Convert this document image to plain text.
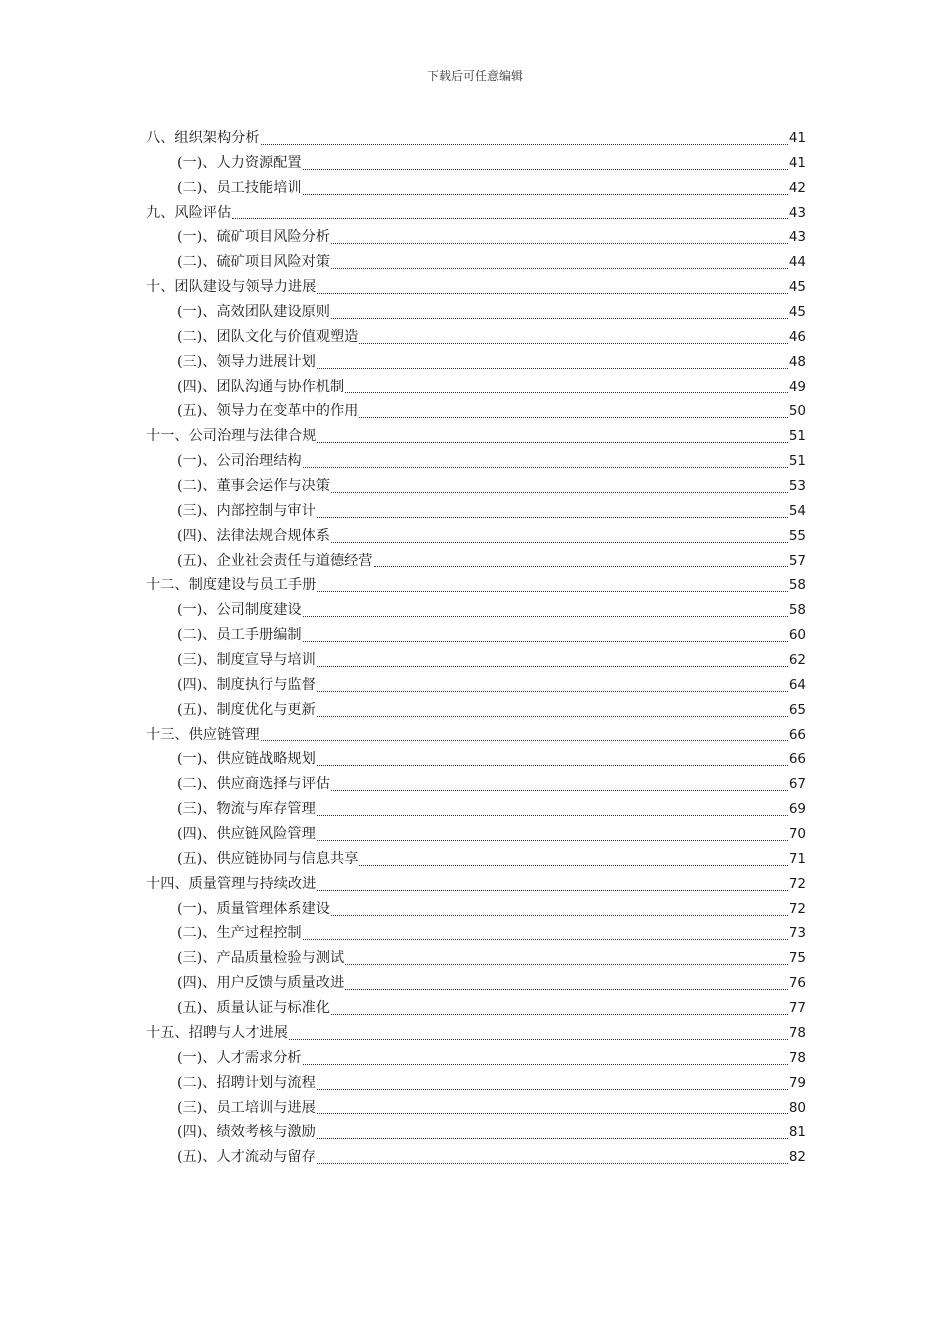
下载后可任意编辑
八、组织架构分析	41
(一)、人力资源配置	41
(二)、员工技能培训	42
九、风险评估	43
(一)、硫矿项目风险分析	43
(二)、硫矿项目风险对策	44
十、团队建设与领导力进展	45
(一)、高效团队建设原则	45
(二)、团队文化与价值观塑造	46
(三)、领导力进展计划	48
(四)、团队沟通与协作机制	49
(五)、领导力在变革中的作用	50
十一、公司治理与法律合规	51
(一)、公司治理结构	51
(二)、董事会运作与决策	53
(三)、内部控制与审计	54
(四)、法律法规合规体系	55
(五)、企业社会责任与道德经营	57
十二、制度建设与员工手册	58
(一)、公司制度建设	58
(二)、员工手册编制	60
(三)、制度宣导与培训	62
(四)、制度执行与监督	64
(五)、制度优化与更新	65
十三、供应链管理	66
(一)、供应链战略规划	66
(二)、供应商选择与评估	67
(三)、物流与库存管理	69
(四)、供应链风险管理	70
(五)、供应链协同与信息共享	71
十四、质量管理与持续改进	72
(一)、质量管理体系建设	72
(二)、生产过程控制	73
(三)、产品质量检验与测试	75
(四)、用户反馈与质量改进	76
(五)、质量认证与标准化	77
十五、招聘与人才进展	78
(一)、人才需求分析	78
(二)、招聘计划与流程	79
(三)、员工培训与进展	80
(四)、绩效考核与激励	81
(五)、人才流动与留存	82
